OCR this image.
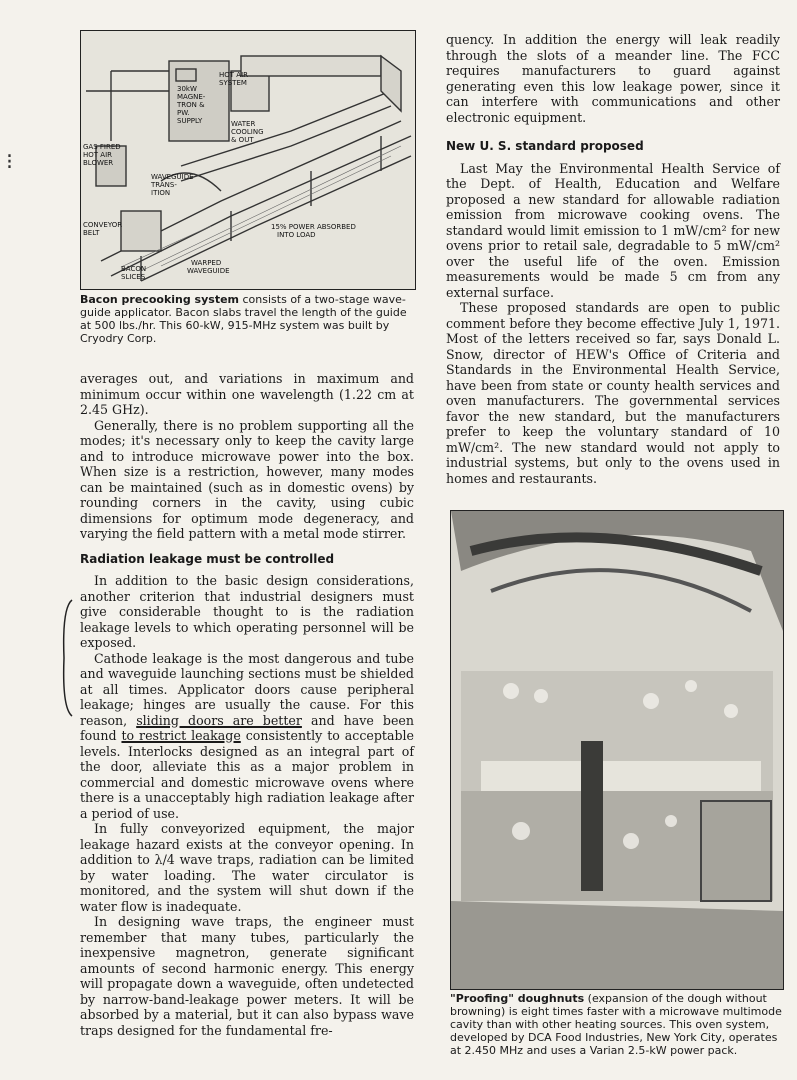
HOT AIR SYSTEM
30kW MAGNE-TRON & PW. SUPPLY	WATER COOLING & OUT
GAS FIRED HOT AIR BLOWER
WAVEGUIDE TRANS-ITION
CONVEYOR BELT
15% POWER ABSORBED INTO LOAD
WARPED WAVEGUIDE
BACON SLICES
Bacon precooking system consists of a two-stage wave-guide applicator. Bacon slabs travel the length of the guide at 500 lbs./hr. This 60-kW, 915-MHz system was built by Cryodry Corp.

averages out, and variations in maximum and minimum occur within one wavelength (1.22 cm at 2.45 GHz).

Generally, there is no problem supporting all the modes; it's necessary only to keep the cavity large and to introduce microwave power into the box. When size is a restriction, however, many modes can be maintained (such as in domestic ovens) by rounding corners in the cavity, using cubic dimensions for optimum mode degeneracy, and varying the field pattern with a metal mode stirrer.

Radiation leakage must be controlled

In addition to the basic design considerations, another criterion that industrial designers must give considerable thought to is the radiation leakage levels to which operating personnel will be exposed.

Cathode leakage is the most dangerous and tube and waveguide launching sections must be shielded at all times. Applicator doors cause peripheral leakage; hinges are usually the cause. For this reason, sliding doors are better and have been found to restrict leakage consistently to acceptable levels. Interlocks designed as an integral part of the door, alleviate this as a major problem in commercial and domestic microwave ovens where there is a unacceptably high radiation leakage after a period of use.

In fully conveyorized equipment, the major leakage hazard exists at the conveyor opening. In addition to λ/4 wave traps, radiation can be limited by water loading. The water circulator is monitored, and the system will shut down if the water flow is inadequate.

In designing wave traps, the engineer must remember that many tubes, particularly the inexpensive magnetron, generate significant amounts of second harmonic energy. This energy will propagate down a waveguide, often undetected by narrow-band-leakage power meters. It will be absorbed by a material, but it can also bypass wave traps designed for the fundamental fre-

quency. In addition the energy will leak readily through the slots of a meander line. The FCC requires manufacturers to guard against generating even this low leakage power, since it can interfere with communications and other electronic equipment.

New U. S. standard proposed

Last May the Environmental Health Service of the Dept. of Health, Education and Welfare proposed a new standard for allowable radiation emission from microwave cooking ovens. The standard would limit emission to 1 mW/cm² for new ovens prior to retail sale, degradable to 5 mW/cm² over the useful life of the oven. Emission measurements would be made 5 cm from any external surface.

These proposed standards are open to public comment before they become effective July 1, 1971. Most of the letters received so far, says Donald L. Snow, director of HEW's Office of Criteria and Standards in the Environmental Health Service, have been from state or county health services and oven manufacturers. The governmental services favor the new standard, but the manufacturers prefer to keep the voluntary standard of 10 mW/cm². The new standard would not apply to industrial systems, but only to the ovens used in homes and restaurants.

"Proofing" doughnuts (expansion of the dough without browning) is eight times faster with a microwave multimode cavity than with other heating sources. This oven system, developed by DCA Food Industries, New York City, operates at 2.450 MHz and uses a Varian 2.5-kW power pack.
⁝
